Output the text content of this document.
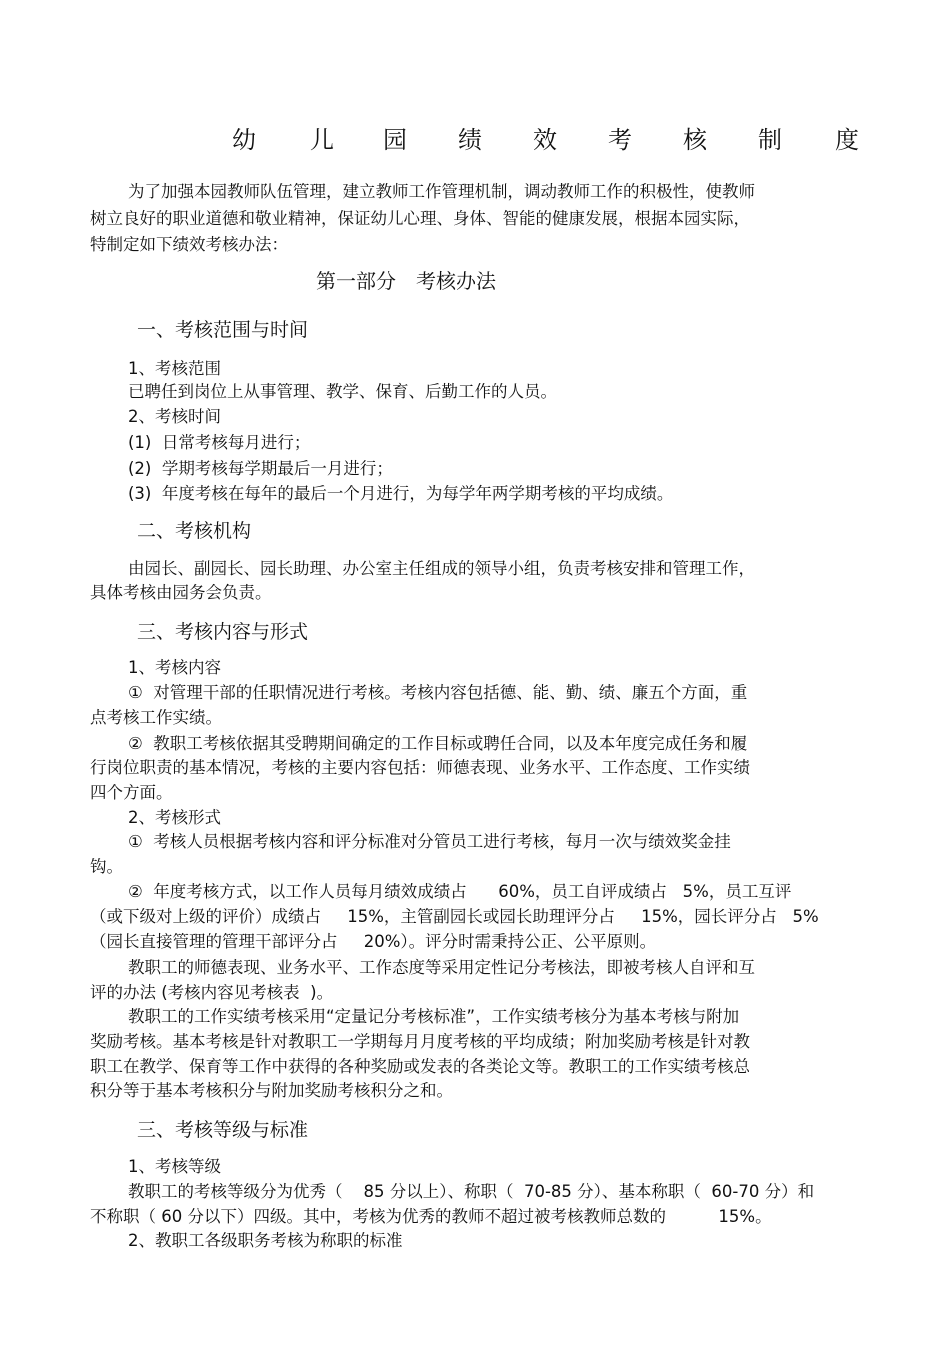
幼 儿 园 绩 效 考 核 制 度
为了加强本园教师队伍管理，建立教师工作管理机制，调动教师工作的积极性，使教师
树立良好的职业道德和敬业精神，保证幼儿心理、身体、智能的健康发展，根据本园实际，
特制定如下绩效考核办法：
第一部分　考核办法
一、考核范围与时间
1、考核范围
已聘任到岗位上从事管理、教学、保育、后勤工作的人员。
2、考核时间
(1)  日常考核每月进行；
(2)  学期考核每学期最后一月进行；
(3)  年度考核在每年的最后一个月进行，为每学年两学期考核的平均成绩。
二、考核机构
由园长、副园长、园长助理、办公室主任组成的领导小组，负责考核安排和管理工作，
具体考核由园务会负责。
三、考核内容与形式
1、考核内容
①  对管理干部的任职情况进行考核。考核内容包括德、能、勤、绩、廉五个方面，重
点考核工作实绩。
②  教职工考核依据其受聘期间确定的工作目标或聘任合同，以及本年度完成任务和履
行岗位职责的基本情况，考核的主要内容包括：师德表现、业务水平、工作态度、工作实绩
四个方面。
2、考核形式
①  考核人员根据考核内容和评分标准对分管员工进行考核，每月一次与绩效奖金挂
钩。
②  年度考核方式，以工作人员每月绩效成绩占      60%，员工自评成绩占   5%，员工互评
（或下级对上级的评价）成绩占     15%，主管副园长或园长助理评分占     15%，园长评分占   5%
（园长直接管理的管理干部评分占     20%）。评分时需秉持公正、公平原则。
教职工的师德表现、业务水平、工作态度等采用定性记分考核法，即被考核人自评和互
评的办法 (考核内容见考核表  )。
教职工的工作实绩考核采用“定量记分考核标准”，工作实绩考核分为基本考核与附加
奖励考核。基本考核是针对教职工一学期每月月度考核的平均成绩；附加奖励考核是针对教
职工在教学、保育等工作中获得的各种奖励或发表的各类论文等。教职工的工作实绩考核总
积分等于基本考核积分与附加奖励考核积分之和。
三、考核等级与标准
1、考核等级
教职工的考核等级分为优秀（    85 分以上）、称职（  70-85 分）、基本称职（  60-70 分）和
不称职（ 60 分以下）四级。其中，考核为优秀的教师不超过被考核教师总数的          15%。
2、教职工各级职务考核为称职的标准
